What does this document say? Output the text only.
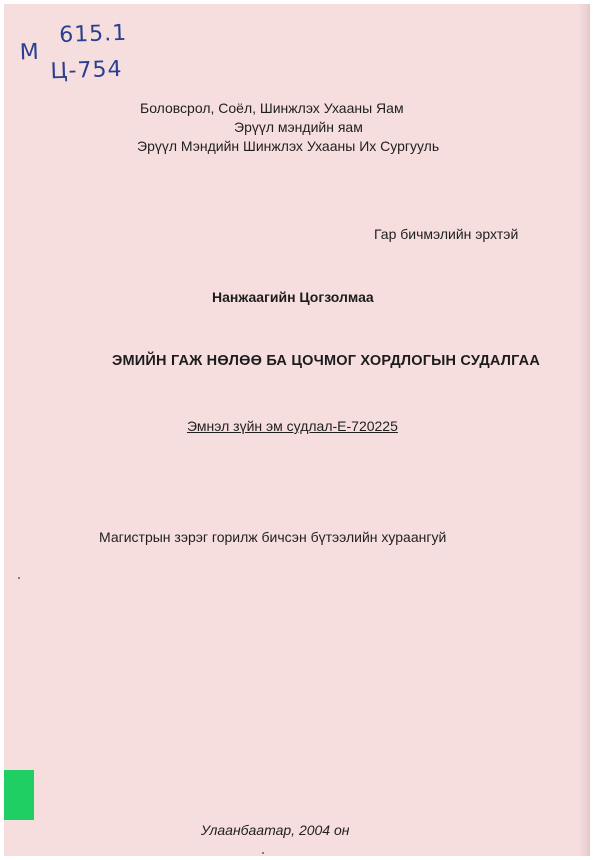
M
615.1
Ц-754
Боловсрол, Соёл, Шинжлэх Ухааны Яам
Эрүүл мэндийн яам
Эрүүл Мэндийн Шинжлэх Ухааны Их Сургууль
Гар бичмэлийн эрхтэй
Нанжаагийн Цогзолмаа
ЭМИЙН ГАЖ НӨЛӨӨ БА ЦОЧМОГ ХОРДЛОГЫН СУДАЛГАА
Эмнэл зүйн эм судлал-Е-720225
Магистрын зэрэг горилж бичсэн бүтээлийн хураангуй
Улаанбаатар, 2004 он
